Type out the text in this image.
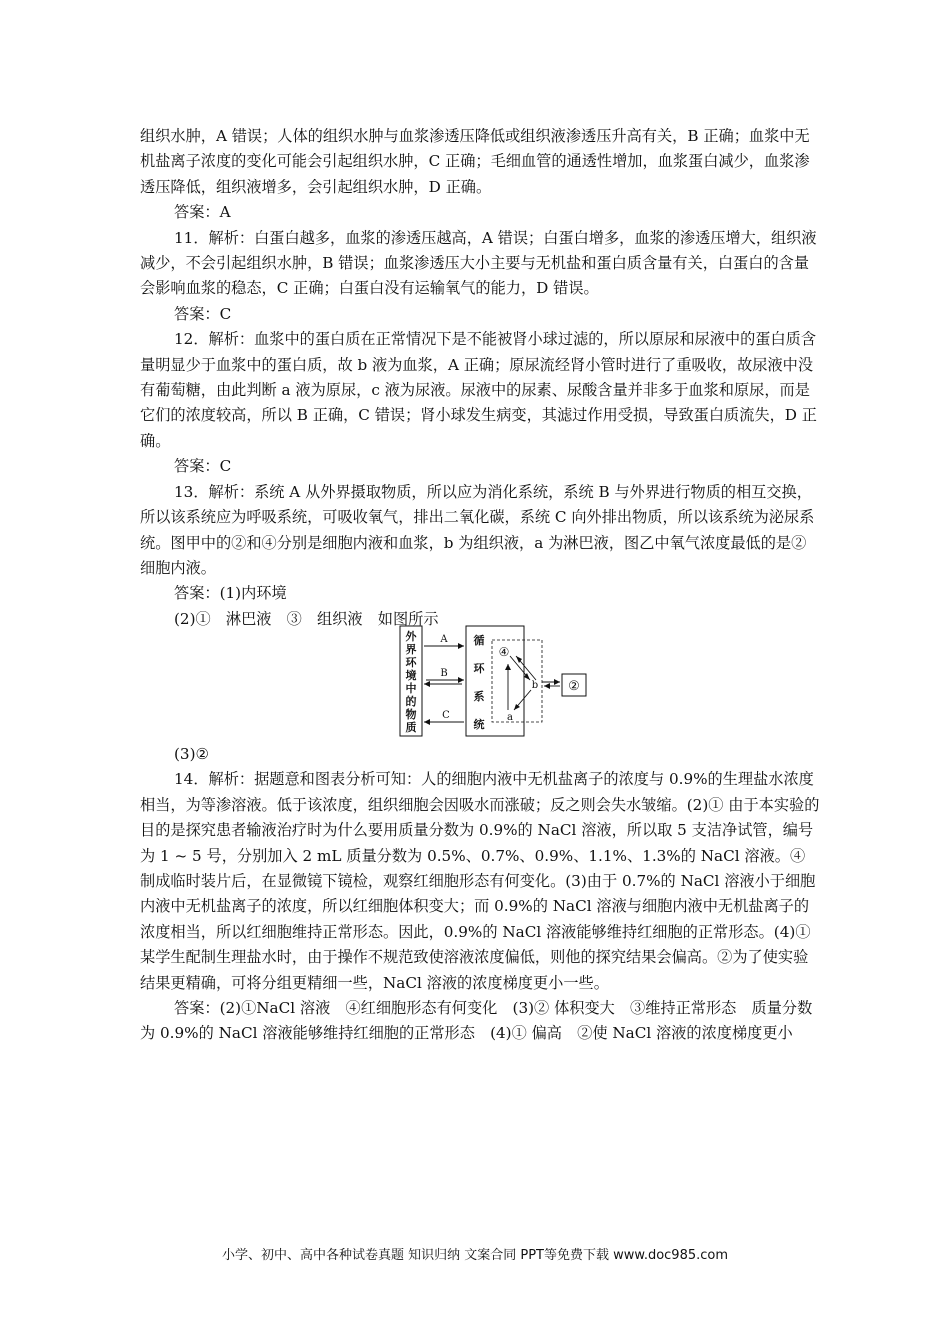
组织水肿，A 错误；人体的组织水肿与血浆渗透压降低或组织液渗透压升高有关，B 正确；血浆中无机盐离子浓度的变化可能会引起组织水肿，C 正确；毛细血管的通透性增加，血浆蛋白减少，血浆渗透压降低，组织液增多，会引起组织水肿，D 正确。

答案：A

11．解析：白蛋白越多，血浆的渗透压越高，A 错误；白蛋白增多，血浆的渗透压增大，组织液减少，不会引起组织水肿，B 错误；血浆渗透压大小主要与无机盐和蛋白质含量有关，白蛋白的含量会影响血浆的稳态，C 正确；白蛋白没有运输氧气的能力，D 错误。

答案：C

12．解析：血浆中的蛋白质在正常情况下是不能被肾小球过滤的，所以原尿和尿液中的蛋白质含量明显少于血浆中的蛋白质，故 b 液为血浆，A 正确；原尿流经肾小管时进行了重吸收，故尿液中没有葡萄糖，由此判断 a 液为原尿，c 液为尿液。尿液中的尿素、尿酸含量并非多于血浆和原尿，而是它们的浓度较高，所以 B 正确，C 错误；肾小球发生病变，其滤过作用受损，导致蛋白质流失，D 正确。

答案：C

13．解析：系统 A 从外界摄取物质，所以应为消化系统，系统 B 与外界进行物质的相互交换，所以该系统应为呼吸系统，可吸收氧气，排出二氧化碳，系统 C 向外排出物质，所以该系统为泌尿系统。图甲中的②和④分别是细胞内液和血浆，b 为组织液，a 为淋巴液，图乙中氧气浓度最低的是②细胞内液。

答案：(1)内环境

(2)①　淋巴液　③　组织液　如图所示

外
界
环
境
中
的
物
质
A
B
C
循
环
系
统
④
b
a
②

(3)②

14．解析：据题意和图表分析可知：人的细胞内液中无机盐离子的浓度与 0.9%的生理盐水浓度相当，为等渗溶液。低于该浓度，组织细胞会因吸水而涨破；反之则会失水皱缩。(2)① 由于本实验的目的是探究患者输液治疗时为什么要用质量分数为 0.9%的 NaCl 溶液，所以取 5 支洁净试管，编号为 1 ~ 5 号，分别加入 2 mL 质量分数为 0.5%、0.7%、0.9%、1.1%、1.3%的 NaCl 溶液。④制成临时装片后，在显微镜下镜检，观察红细胞形态有何变化。(3)由于 0.7%的 NaCl 溶液小于细胞内液中无机盐离子的浓度，所以红细胞体积变大；而 0.9%的 NaCl 溶液与细胞内液中无机盐离子的浓度相当，所以红细胞维持正常形态。因此，0.9%的 NaCl 溶液能够维持红细胞的正常形态。(4)① 某学生配制生理盐水时，由于操作不规范致使溶液浓度偏低，则他的探究结果会偏高。②为了使实验结果更精确，可将分组更精细一些，NaCl 溶液的浓度梯度更小一些。

答案：(2)①NaCl 溶液　④红细胞形态有何变化　(3)② 体积变大　③维持正常形态　质量分数为 0.9%的 NaCl 溶液能够维持红细胞的正常形态　(4)① 偏高　②使 NaCl 溶液的浓度梯度更小

小学、初中、高中各种试卷真题 知识归纳 文案合同 PPT等免费下载 www.doc985.com
